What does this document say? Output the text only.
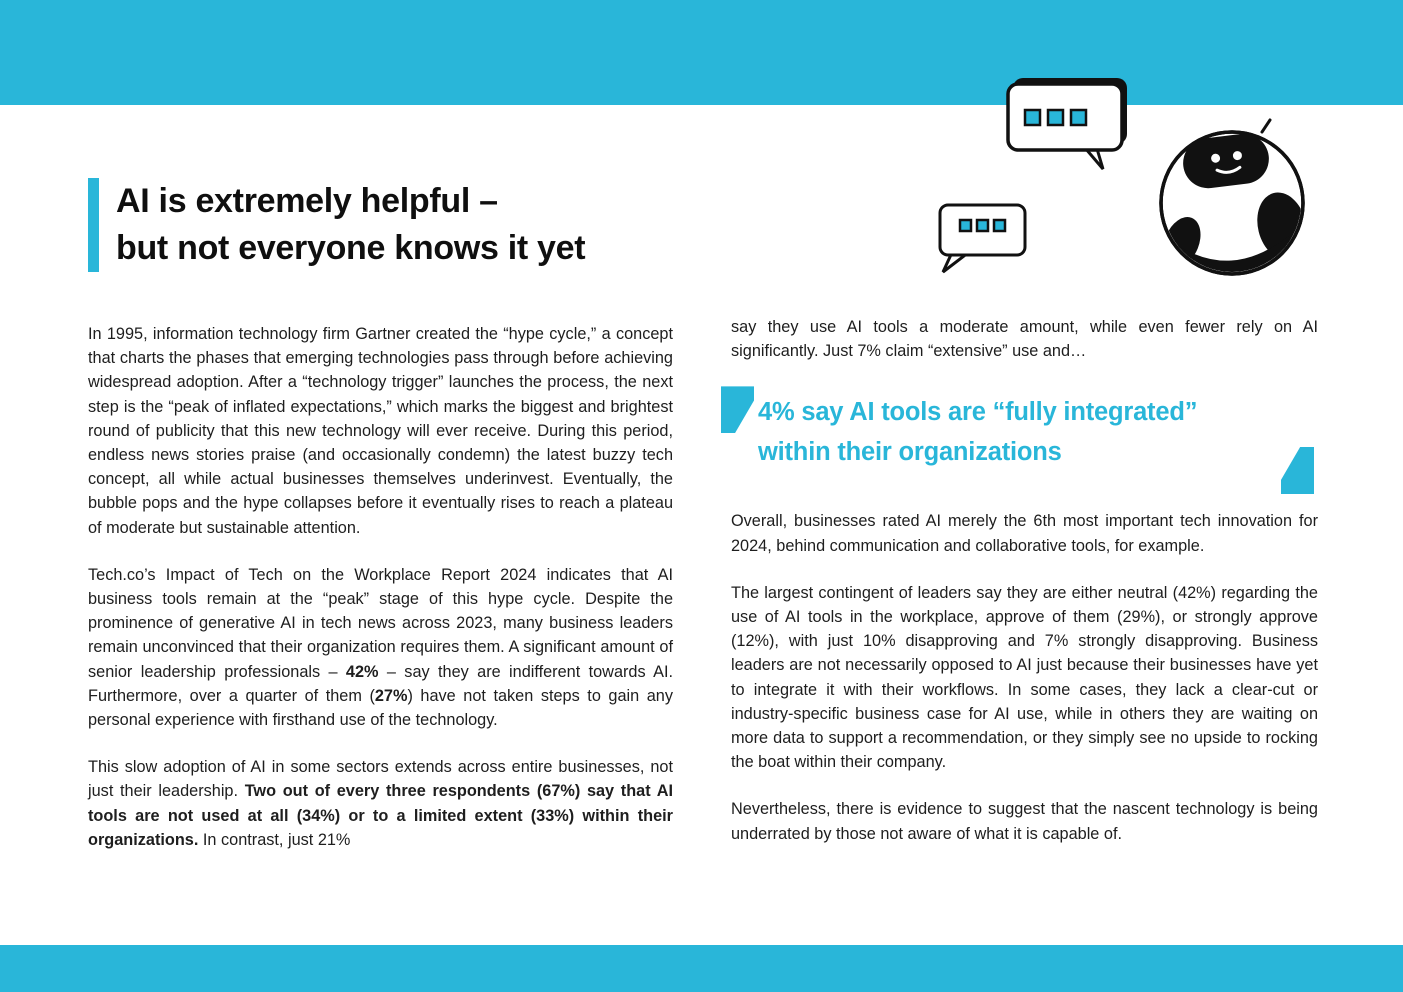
AI is extremely helpful –
but not everyone knows it yet

In 1995, information technology firm Gartner created the “hype cycle,” a concept that charts the phases that emerging technologies pass through before achieving widespread adoption. After a “technology trigger” launches the process, the next step is the “peak of inflated expectations,” which marks the biggest and brightest round of publicity that this new technology will ever receive. During this period, endless news stories praise (and occasionally condemn) the latest buzzy tech concept, all while actual businesses themselves underinvest. Eventually, the bubble pops and the hype collapses before it eventually rises to reach a plateau of moderate but sustainable attention.

Tech.co’s Impact of Tech on the Workplace Report 2024 indicates that AI business tools remain at the “peak” stage of this hype cycle. Despite the prominence of generative AI in tech news across 2023, many business leaders remain unconvinced that their organization requires them. A significant amount of senior leadership professionals – 42% – say they are indifferent towards AI. Furthermore, over a quarter of them (27%) have not taken steps to gain any personal experience with firsthand use of the technology.

This slow adoption of AI in some sectors extends across entire businesses, not just their leadership. Two out of every three respondents (67%) say that AI tools are not used at all (34%) or to a limited extent (33%) within their organizations. In contrast, just 21%

say they use AI tools a moderate amount, while even fewer rely on AI significantly. Just 7% claim “extensive” use and…

4% say AI tools are “fully integrated”
within their organizations

Overall, businesses rated AI merely the 6th most important tech innovation for 2024, behind communication and collaborative tools, for example.

The largest contingent of leaders say they are either neutral (42%) regarding the use of AI tools in the workplace, approve of them (29%), or strongly approve (12%), with just 10% disapproving and 7% strongly disapproving. Business leaders are not necessarily opposed to AI just because their businesses have yet to integrate it with their workflows. In some cases, they lack a clear-cut or industry-specific business case for AI use, while in others they are waiting on more data to support a recommendation, or they simply see no upside to rocking the boat within their company.

Nevertheless, there is evidence to suggest that the nascent technology is being underrated by those not aware of what it is capable of.
